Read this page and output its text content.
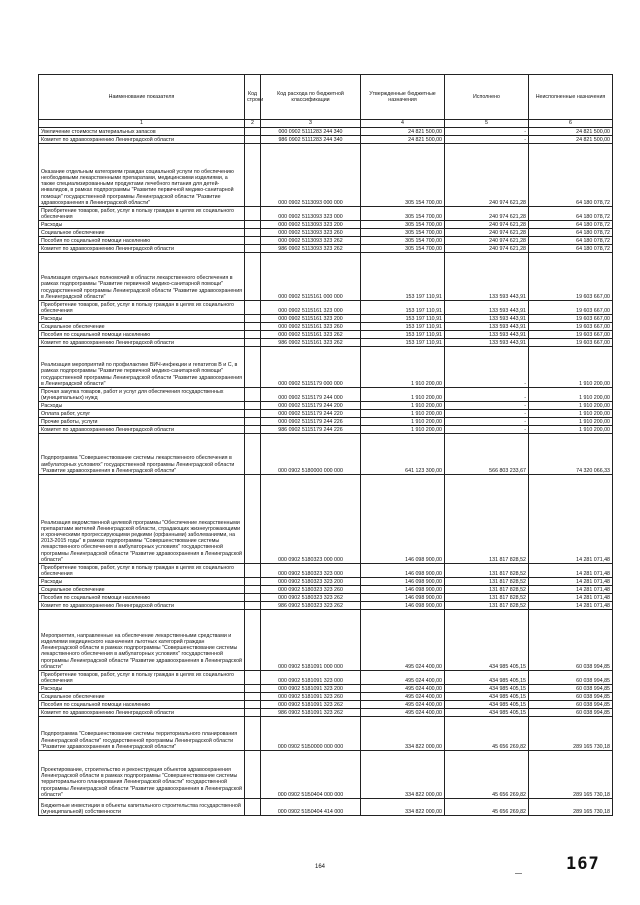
Наименование показателя	Код строки	Код расхода по бюджетной классификации	Утвержденные бюджетные назначения	Исполнено	Неисполненные назначения
1	2	3	4	5	6
Увеличение стоимости материальных запасов		000 0902 5111283 244 340	24 821 500,00	-	24 821 500,00
Комитет по здравоохранению Ленинградской области		986 0902 5111283 244 340	24 821 500,00	-	24 821 500,00
Оказание отдельным категориям граждан социальной услуги по обеспечению необходимыми лекарственными препаратами, медицинскими изделиями, а также специализированными продуктами лечебного питания для детей-инвалидов, в рамках подпрограммы "Развитие первичной медико-санитарной помощи" государственной программы Ленинградской области "Развитие здравоохранения в Ленинградской области"		000 0902 5113093 000 000	305 154 700,00	240 974 621,28	64 180 078,72
Приобретение товаров, работ, услуг в пользу граждан в целях их социального обеспечения		000 0902 5113093 323 000	305 154 700,00	240 974 621,28	64 180 078,72
Расходы		000 0902 5113093 323 200	305 154 700,00	240 974 621,28	64 180 078,72
Социальное обеспечение		000 0902 5113093 323 260	305 154 700,00	240 974 621,28	64 180 078,72
Пособия по социальной помощи населению		000 0902 5113093 323 262	305 154 700,00	240 974 621,28	64 180 078,72
Комитет по здравоохранению Ленинградской области		986 0902 5113093 323 262	305 154 700,00	240 974 621,28	64 180 078,72
Реализация отдельных полномочий в области лекарственного обеспечения в рамках подпрограммы "Развитие первичной медико-санитарной помощи" государственной программы Ленинградской области "Развитие здравоохранения в Ленинградской области"		000 0902 5115161 000 000	153 197 110,91	133 593 443,91	19 603 667,00
Приобретение товаров, работ, услуг в пользу граждан в целях их социального обеспечения		000 0902 5115161 323 000	153 197 110,91	133 593 443,91	19 603 667,00
Расходы		000 0902 5115161 323 200	153 197 110,91	133 593 443,91	19 603 667,00
Социальное обеспечение		000 0902 5115161 323 260	153 197 110,91	133 593 443,91	19 603 667,00
Пособия по социальной помощи населению		000 0902 5115161 323 262	153 197 110,91	133 593 443,91	19 603 667,00
Комитет по здравоохранению Ленинградской области		986 0902 5115161 323 262	153 197 110,91	133 593 443,91	19 603 667,00
Реализация мероприятий по профилактике ВИЧ-инфекции и гепатитов B и C, в рамках подпрограммы "Развитие первичной медико-санитарной помощи" государственной программы Ленинградской области "Развитие здравоохранения в Ленинградской области"		000 0902 5115179 000 000	1 910 200,00	-	1 910 200,00
Прочая закупка товаров, работ и услуг для обеспечения государственных (муниципальных) нужд		000 0902 5115179 244 000	1 910 200,00	-	1 910 200,00
Расходы		000 0902 5115179 244 200	1 910 200,00	-	1 910 200,00
Оплата работ, услуг		000 0902 5115179 244 220	1 910 200,00	-	1 910 200,00
Прочие работы, услуги		000 0902 5115179 244 226	1 910 200,00	-	1 910 200,00
Комитет по здравоохранению Ленинградской области		986 0902 5115179 244 226	1 910 200,00	-	1 910 200,00
Подпрограмма "Совершенствование системы лекарственного обеспечения в амбулаторных условиях" государственной программы Ленинградской области "Развитие здравоохранения в Ленинградской области"		000 0902 5180000 000 000	641 123 300,00	566 803 233,67	74 320 066,33
Реализация ведомственной целевой программы "Обеспечение лекарственными препаратами жителей Ленинградской области, страдающих жизнеугрожающими и хроническими прогрессирующими редкими (орфанными) заболеваниями, на 2013-2015 годы" в рамках подпрограммы "Совершенствование системы лекарственного обеспечения в амбулаторных условиях" государственной программы Ленинградской области "Развитие здравоохранения в Ленинградской области"		000 0902 5180323 000 000	146 098 900,00	131 817 828,52	14 281 071,48
Приобретение товаров, работ, услуг в пользу граждан в целях их социального обеспечения		000 0902 5180323 323 000	146 098 900,00	131 817 828,52	14 281 071,48
Расходы		000 0902 5180323 323 200	146 098 900,00	131 817 828,52	14 281 071,48
Социальное обеспечение		000 0902 5180323 323 260	146 098 900,00	131 817 828,52	14 281 071,48
Пособия по социальной помощи населению		000 0902 5180323 323 262	146 098 900,00	131 817 828,52	14 281 071,48
Комитет по здравоохранению Ленинградской области		986 0902 5180323 323 262	146 098 900,00	131 817 828,52	14 281 071,48
Мероприятия, направленные на обеспечение лекарственными средствами и изделиями медицинского назначения льготных категорий граждан Ленинградской области в рамках подпрограммы "Совершенствование системы лекарственного обеспечения в амбулаторных условиях" государственной программы Ленинградской области "Развитие здравоохранения в Ленинградской области"		000 0902 5181091 000 000	495 024 400,00	434 985 405,15	60 038 994,85
Приобретение товаров, работ, услуг в пользу граждан в целях их социального обеспечения		000 0902 5181091 323 000	495 024 400,00	434 985 405,15	60 038 994,85
Расходы		000 0902 5181091 323 200	495 024 400,00	434 985 405,15	60 038 994,85
Социальное обеспечение		000 0902 5181091 323 260	495 024 400,00	434 985 405,15	60 038 994,85
Пособия по социальной помощи населению		000 0902 5181091 323 262	495 024 400,00	434 985 405,15	60 038 994,85
Комитет по здравоохранению Ленинградской области		986 0902 5181091 323 262	495 024 400,00	434 985 405,15	60 038 994,85
Подпрограмма "Совершенствование системы территориального планирования Ленинградской области" государственной программы Ленинградской области "Развитие здравоохранения в Ленинградской области"		000 0902 51Б0000 000 000	334 822 000,00	45 656 269,82	289 165 730,18
Проектирование, строительство и реконструкция объектов здравоохранения Ленинградской области в рамках подпрограммы "Совершенствование системы территориального планирования Ленинградской области" государственной программы Ленинградской области "Развитие здравоохранения в Ленинградской области"		000 0902 51Б0404 000 000	334 822 000,00	45 656 269,82	289 165 730,18
Бюджетные инвестиции в объекты капитального строительства государственной (муниципальной) собственности		000 0902 51Б0404 414 000	334 822 000,00	45 656 269,82	289 165 730,18
164
—	167
